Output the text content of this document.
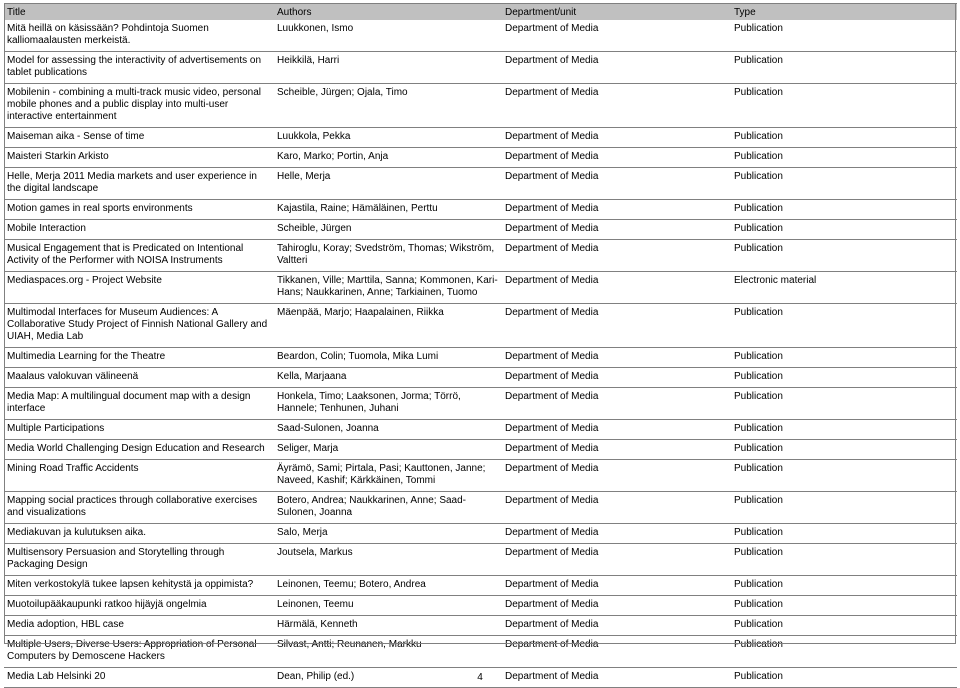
Title	Authors	Department/unit	Type
Mitä heillä on käsissään? Pohdintoja Suomen kalliomaalausten merkeistä.	Luukkonen, Ismo	Department of Media	Publication
Model for assessing the interactivity of advertisements on tablet publications	Heikkilä, Harri	Department of Media	Publication
Mobilenin - combining a multi-track music video, personal mobile phones and a public display into multi-user interactive entertainment	Scheible, Jürgen; Ojala, Timo	Department of Media	Publication
Maiseman aika - Sense of time	Luukkola, Pekka	Department of Media	Publication
Maisteri Starkin Arkisto	Karo, Marko; Portin, Anja	Department of Media	Publication
Helle, Merja 2011 Media markets and user experience in the digital landscape	Helle, Merja	Department of Media	Publication
Motion games in real sports environments	Kajastila, Raine; Hämäläinen, Perttu	Department of Media	Publication
Mobile Interaction	Scheible, Jürgen	Department of Media	Publication
Musical Engagement that is Predicated on Intentional Activity of the Performer with NOISA Instruments	Tahiroglu, Koray; Svedström, Thomas; Wikström, Valtteri	Department of Media	Publication
Mediaspaces.org - Project Website	Tikkanen, Ville; Marttila, Sanna; Kommonen, Kari-Hans; Naukkarinen, Anne; Tarkiainen, Tuomo	Department of Media	Electronic material
Multimodal Interfaces for Museum Audiences: A Collaborative Study Project of Finnish National Gallery and UIAH, Media Lab	Mäenpää, Marjo; Haapalainen, Riikka	Department of Media	Publication
Multimedia Learning for the Theatre	Beardon, Colin; Tuomola, Mika Lumi	Department of Media	Publication
Maalaus valokuvan välineenä	Kella, Marjaana	Department of Media	Publication
Media Map: A multilingual document map with a design interface	Honkela, Timo; Laaksonen, Jorma; Törrö, Hannele; Tenhunen, Juhani	Department of Media	Publication
Multiple Participations	Saad-Sulonen, Joanna	Department of Media	Publication
Media World Challenging Design Education and Research	Seliger, Marja	Department of Media	Publication
Mining Road Traffic Accidents	Äyrämö, Sami; Pirtala, Pasi; Kauttonen, Janne; Naveed, Kashif; Kärkkäinen, Tommi	Department of Media	Publication
Mapping social practices through collaborative exercises and visualizations	Botero, Andrea; Naukkarinen, Anne; Saad-Sulonen, Joanna	Department of Media	Publication
Mediakuvan ja kulutuksen aika.	Salo, Merja	Department of Media	Publication
Multisensory Persuasion and Storytelling through Packaging Design	Joutsela, Markus	Department of Media	Publication
Miten verkostokylä tukee lapsen kehitystä ja oppimista?	Leinonen, Teemu; Botero, Andrea	Department of Media	Publication
Muotoilupääkaupunki ratkoo hijäyjä ongelmia	Leinonen, Teemu	Department of Media	Publication
Media adoption, HBL case	Härmälä, Kenneth	Department of Media	Publication
Multiple Users, Diverse Users: Appropriation of Personal Computers by Demoscene Hackers	Silvast, Antti; Reunanen, Markku	Department of Media	Publication
Media Lab Helsinki 20	Dean, Philip (ed.)	Department of Media	Publication
4
